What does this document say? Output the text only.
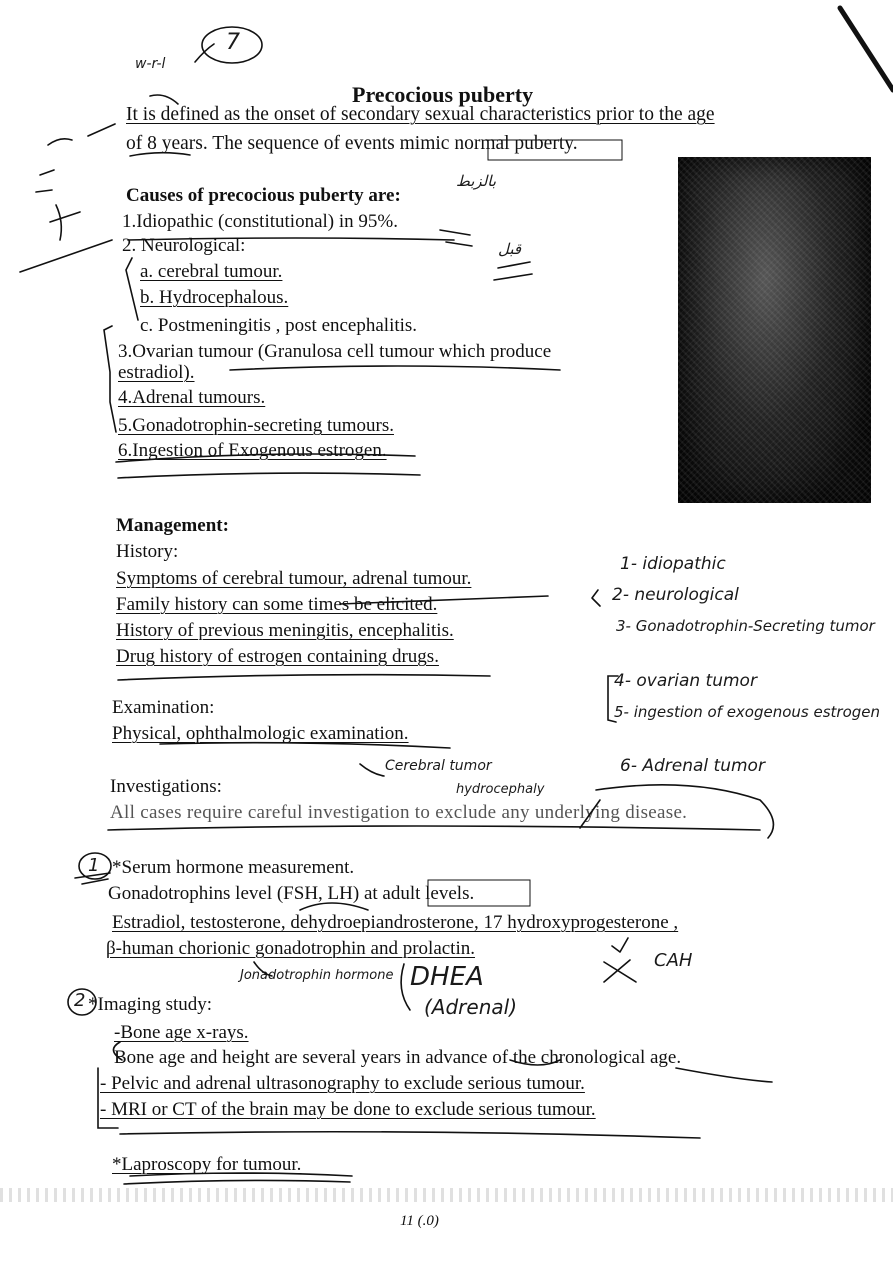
Precocious puberty
It is defined as the onset of secondary sexual characteristics prior to the age
of 8 years. The sequence of events mimic normal puberty.
Causes of precocious puberty are:
1.Idiopathic (constitutional) in 95%.
2. Neurological:
a. cerebral tumour.
b. Hydrocephalous.
c. Postmeningitis , post encephalitis.
3.Ovarian tumour (Granulosa cell tumour which produce
estradiol).
4.Adrenal tumours.
5.Gonadotrophin-secreting tumours.
6.Ingestion of Exogenous estrogen.
Management:
History:
Symptoms of cerebral tumour, adrenal tumour.
Family history can some times be elicited.
History of previous meningitis, encephalitis.
Drug history of estrogen containing drugs.
Examination:
Physical, ophthalmologic examination.
Investigations:
All cases require careful investigation to exclude any underlying disease.
*Serum hormone measurement.
Gonadotrophins level (FSH, LH) at adult levels.
Estradiol, testosterone, dehydroepiandrosterone, 17 hydroxyprogesterone ,
β-human chorionic gonadotrophin and prolactin.
*Imaging study:
-Bone age x-rays.
Bone age and height are several years in advance of the chronological age.
- Pelvic and adrenal ultrasonography to exclude serious tumour.
- MRI or CT of the brain may be done to exclude serious tumour.
*Laproscopy for tumour.
11 (.0)
w-r-l
7
بالزبط
قبل
1- idiopathic
2- neurological
3- Gonadotrophin-Secreting tumor
4- ovarian tumor
5- ingestion of exogenous estrogen
6- Adrenal tumor
Cerebral tumor
hydrocephaly
1
2
Jonadotrophin hormone DHEA
(Adrenal)
CAH
